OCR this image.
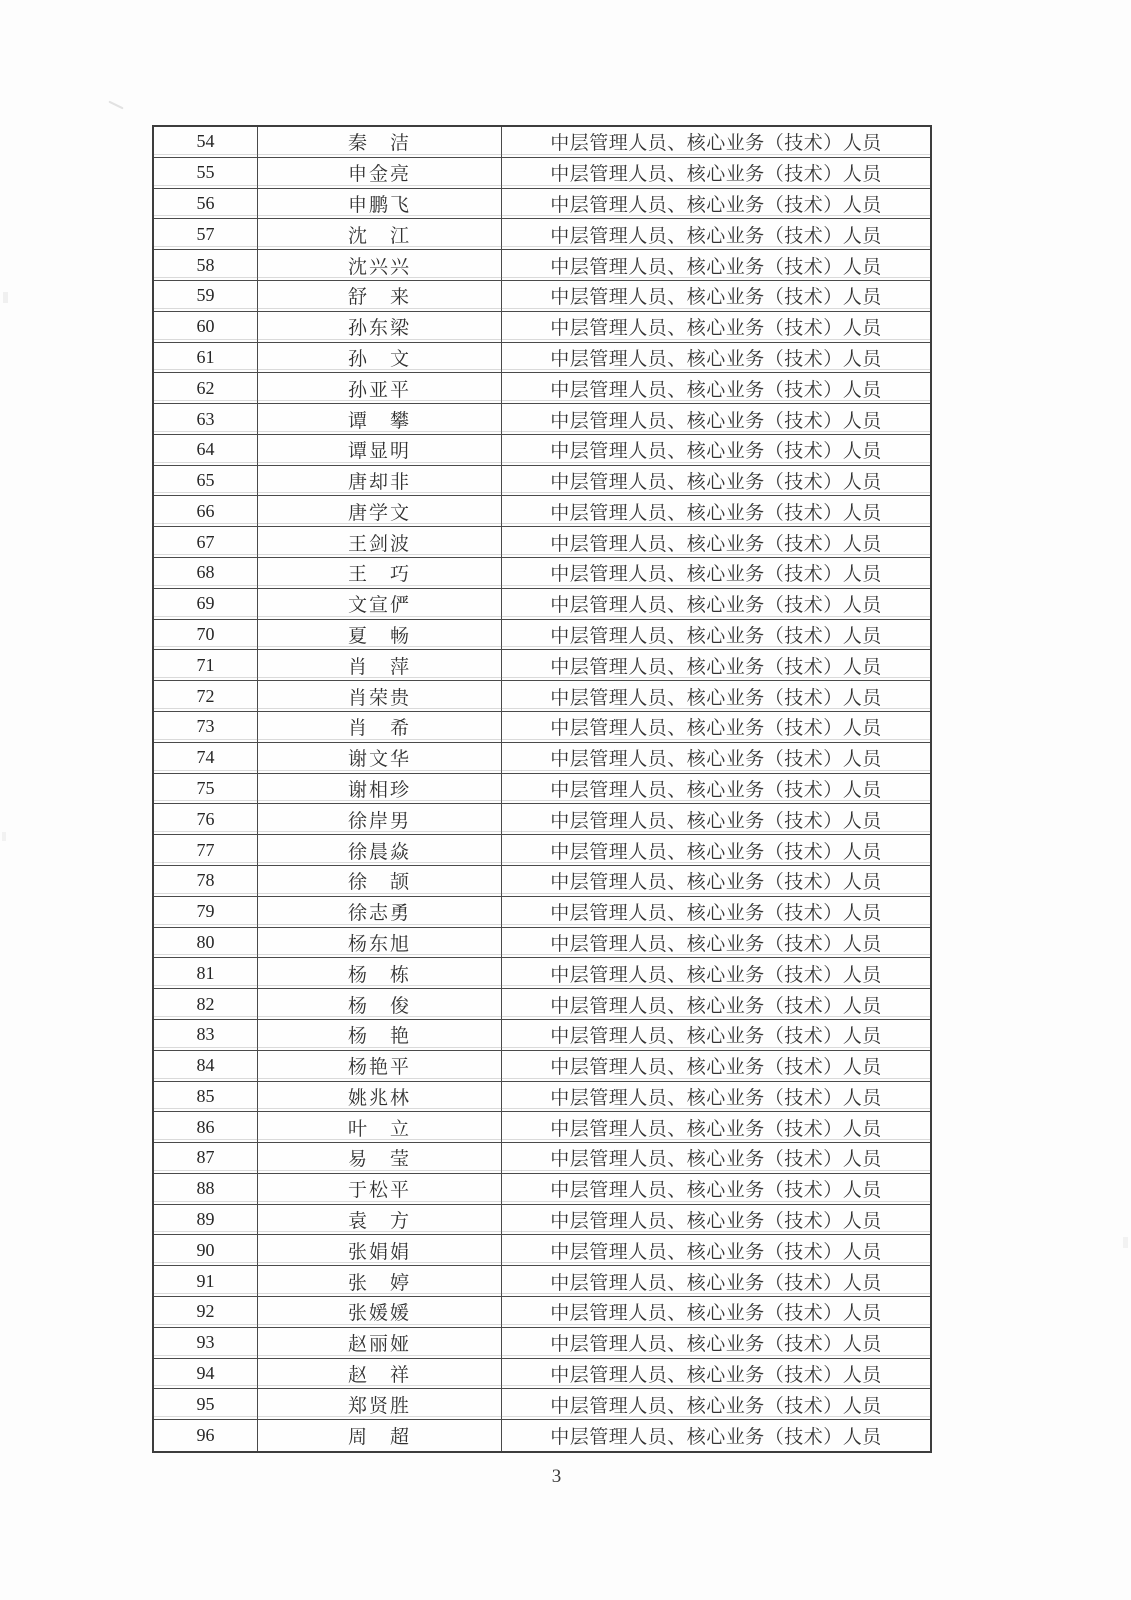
54	秦　洁	中层管理人员、核心业务（技术）人员
55	申金亮	中层管理人员、核心业务（技术）人员
56	申鹏飞	中层管理人员、核心业务（技术）人员
57	沈　江	中层管理人员、核心业务（技术）人员
58	沈兴兴	中层管理人员、核心业务（技术）人员
59	舒　来	中层管理人员、核心业务（技术）人员
60	孙东梁	中层管理人员、核心业务（技术）人员
61	孙　文	中层管理人员、核心业务（技术）人员
62	孙亚平	中层管理人员、核心业务（技术）人员
63	谭　攀	中层管理人员、核心业务（技术）人员
64	谭显明	中层管理人员、核心业务（技术）人员
65	唐却非	中层管理人员、核心业务（技术）人员
66	唐学文	中层管理人员、核心业务（技术）人员
67	王剑波	中层管理人员、核心业务（技术）人员
68	王　巧	中层管理人员、核心业务（技术）人员
69	文宣俨	中层管理人员、核心业务（技术）人员
70	夏　畅	中层管理人员、核心业务（技术）人员
71	肖　萍	中层管理人员、核心业务（技术）人员
72	肖荣贵	中层管理人员、核心业务（技术）人员
73	肖　希	中层管理人员、核心业务（技术）人员
74	谢文华	中层管理人员、核心业务（技术）人员
75	谢相珍	中层管理人员、核心业务（技术）人员
76	徐岸男	中层管理人员、核心业务（技术）人员
77	徐晨焱	中层管理人员、核心业务（技术）人员
78	徐　颉	中层管理人员、核心业务（技术）人员
79	徐志勇	中层管理人员、核心业务（技术）人员
80	杨东旭	中层管理人员、核心业务（技术）人员
81	杨　栋	中层管理人员、核心业务（技术）人员
82	杨　俊	中层管理人员、核心业务（技术）人员
83	杨　艳	中层管理人员、核心业务（技术）人员
84	杨艳平	中层管理人员、核心业务（技术）人员
85	姚兆林	中层管理人员、核心业务（技术）人员
86	叶　立	中层管理人员、核心业务（技术）人员
87	易　莹	中层管理人员、核心业务（技术）人员
88	于松平	中层管理人员、核心业务（技术）人员
89	袁　方	中层管理人员、核心业务（技术）人员
90	张娟娟	中层管理人员、核心业务（技术）人员
91	张　婷	中层管理人员、核心业务（技术）人员
92	张媛媛	中层管理人员、核心业务（技术）人员
93	赵丽娅	中层管理人员、核心业务（技术）人员
94	赵　祥	中层管理人员、核心业务（技术）人员
95	郑贤胜	中层管理人员、核心业务（技术）人员
96	周　超	中层管理人员、核心业务（技术）人员
3
